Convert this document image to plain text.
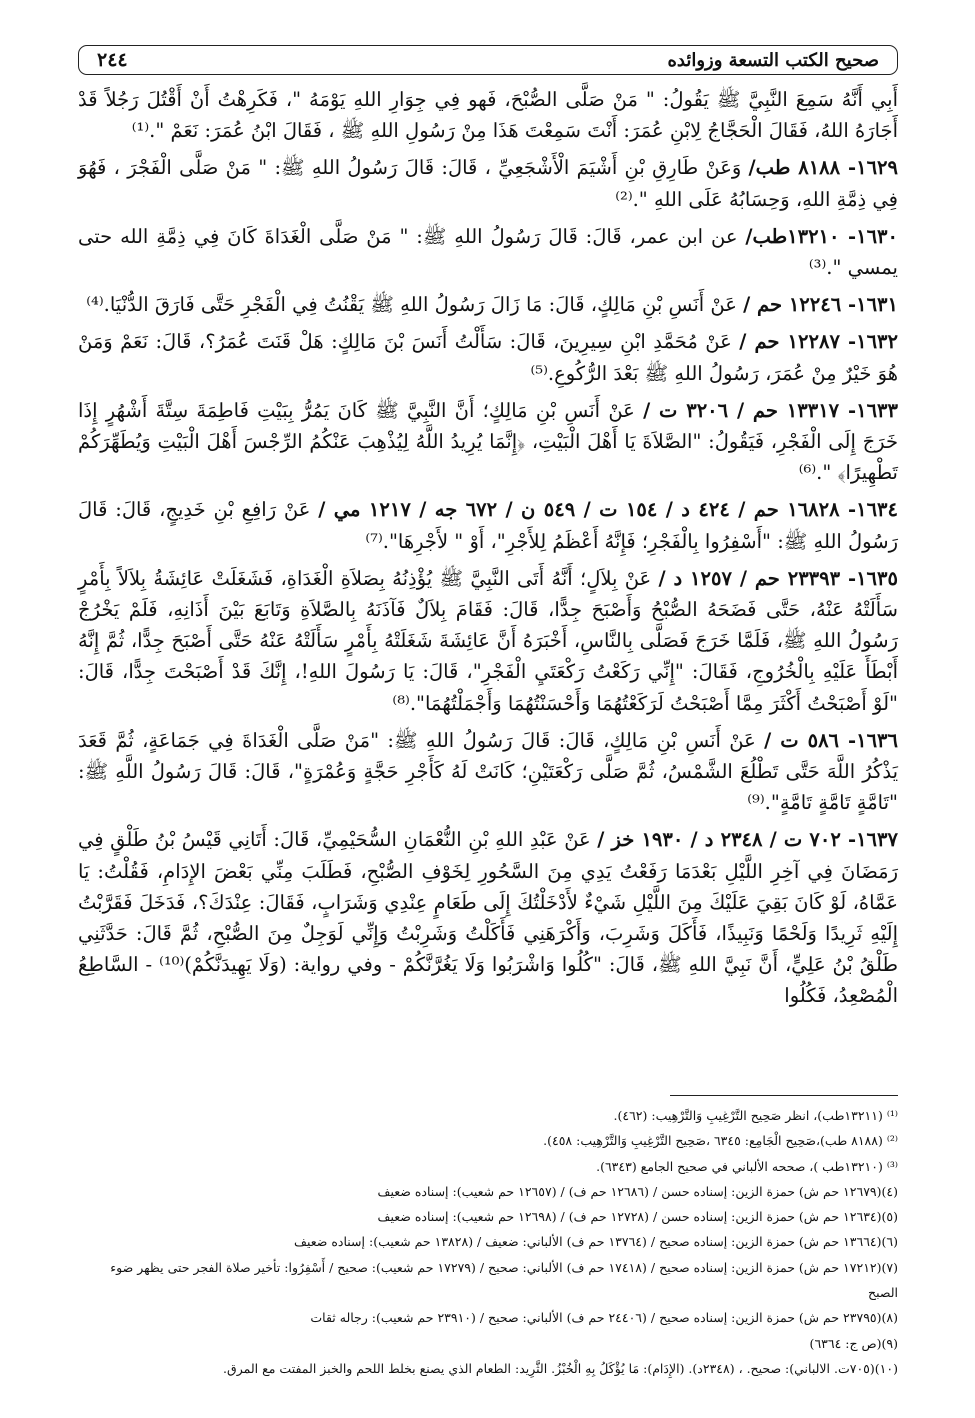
صحيح الكتب التسعة وزوائده
٢٤٤

أَبِي أَنَّهُ سَمِعَ النَّبِيَّ ﷺ يَقُولُ: " مَنْ صَلَّى الصُّبْحَ، فَهو فِي جِوَارِ اللهِ يَوْمَهُ "، فَكَرِهْتُ أَنْ أَقْتُلَ رَجُلاً قَدْ أَجَارَهُ اللهُ، فَقَالَ الْحَجَّاجُ لِابْنِ عُمَرَ: أَنْتَ سَمِعْتَ هَذَا مِنْ رَسُولِ اللهِ ﷺ ، فَقَالَ ابْنُ عُمَرَ: نَعَمْ ".⁽¹⁾

١٦٢٩- ٨١٨٨ طب/ وَعَنْ طَارِقِ بْنِ أَشْيَمَ الْأَشْجَعِيِّ ، قَالَ: قَالَ رَسُولُ اللهِ ﷺ: " مَنْ صَلَّى الْفَجْرَ ، فَهُوَ فِي ذِمَّةِ اللهِ، وَحِسَابُهُ عَلَى اللهِ ".⁽²⁾

١٦٣٠- ١٣٢١٠طب/ عن ابن عمر، قَالَ: قَالَ رَسُولُ اللهِ ﷺ: " مَنْ صَلَّى الْغَدَاةَ كَانَ فِي ذِمَّةِ الله حتى يمسي ".⁽³⁾

١٦٣١- ١٢٢٤٦ حم / عَنْ أَنَسِ بْنِ مَالِكٍ، قَالَ: مَا زَالَ رَسُولُ اللهِ ﷺ يَقْنُتُ فِي الْفَجْرِ حَتَّى فَارَقَ الدُّنْيَا.⁽⁴⁾

١٦٣٢- ١٢٢٨٧ حم / عَنْ مُحَمَّدِ ابْنِ سِيرِينَ، قَالَ: سَأَلْتُ أَنَسَ بْنَ مَالِكٍ: هَلْ قَنَتَ عُمَرُ؟، قَالَ: نَعَمْ وَمَنْ هُوَ خَيْرٌ مِنْ عُمَرَ، رَسُولُ اللهِ ﷺ بَعْدَ الرُّكُوعِ.⁽⁵⁾

١٦٣٣- ١٣٣١٧ حم / ٣٢٠٦ ت / عَنْ أَنَسِ بْنِ مَالِكٍ؛ أَنَّ النَّبِيَّ ﷺ كَانَ يَمُرُّ بِبَيْتِ فَاطِمَةَ سِتَّةَ أَشْهُرٍ إِذَا خَرَجَ إِلَى الْفَجْرِ، فَيَقُولُ: "الصَّلاَةَ يَا أَهْلَ الْبَيْتِ، ﴿إِنَّمَا يُرِيدُ اللَّهُ لِيُذْهِبَ عَنْكُمُ الرِّجْسَ أَهْلَ الْبَيْتِ وَيُطَهِّرَكُمْ تَطْهِيرًا﴾ ".⁽⁶⁾

١٦٣٤- ١٦٨٢٨ حم / ٤٢٤ د / ١٥٤ ت / ٥٤٩ ن / ٦٧٢ جه / ١٢١٧ مي / عَنْ رَافِعِ بْنِ خَدِيجٍ، قَالَ: قَالَ رَسُولُ اللهِ ﷺ: "أَسْفِرُوا بِالْفَجْرِ؛ فَإِنَّهُ أَعْظَمُ لِلأَجْرِ"، أَوْ " لأَجْرِهَا".⁽⁷⁾

١٦٣٥- ٢٣٣٩٣ حم / ١٢٥٧ د / عَنْ بِلاَلٍ؛ أَنَّهُ أَتَى النَّبِيَّ ﷺ يُؤْذِنُهُ بِصَلاَةِ الْغَدَاةِ، فَشَغَلَتْ عَائِشَةُ بِلاَلاً بِأَمْرٍ سَأَلَتْهُ عَنْهُ، حَتَّى فَضَحَهُ الصُّبْحُ وَأَصْبَحَ جِدًّا، قَالَ: فَقَامَ بِلاَلٌ فَآذَنَهُ بِالصَّلاَةِ وَتَابَعَ بَيْنَ أَذَانِهِ، فَلَمْ يَخْرُجْ رَسُولُ اللهِ ﷺ، فَلَمَّا خَرَجَ فَصَلَّى بِالنَّاسِ، أَخْبَرَهُ أَنَّ عَائِشَةَ شَغَلَتْهُ بِأَمْرٍ سَأَلَتْهُ عَنْهُ حَتَّى أَصْبَحَ جِدًّا، ثُمَّ إِنَّهُ أَبْطَأَ عَلَيْهِ بِالْخُرُوجِ، فَقَالَ: "إِنِّي رَكَعْتُ رَكْعَتَيِ الْفَجْرِ"، قَالَ: يَا رَسُولَ اللهِ!، إِنَّكَ قَدْ أَصْبَحْتَ جِدًّا، قَالَ: "لَوْ أَصْبَحْتُ أَكْثَرَ مِمَّا أَصْبَحْتُ لَرَكَعْتُهُمَا وَأَحْسَنْتُهُمَا وَأَجْمَلْتُهُمَا".⁽⁸⁾

١٦٣٦- ٥٨٦ ت / عَنْ أَنَسِ بْنِ مَالِكٍ، قَالَ: قَالَ رَسُولُ اللهِ ﷺ: "مَنْ صَلَّى الْغَدَاةَ فِي جَمَاعَةٍ، ثُمَّ قَعَدَ يَذْكُرُ اللَّهَ حَتَّى تَطْلُعَ الشَّمْسُ، ثُمَّ صَلَّى رَكْعَتَيْنِ؛ كَانَتْ لَهُ كَأَجْرِ حَجَّةٍ وَعُمْرَةٍ"، قَالَ: قَالَ رَسُولُ اللَّهِ ﷺ: "تَامَّةٍ تَامَّةٍ تَامَّةٍ".⁽⁹⁾

١٦٣٧- ٧٠٢ ت / ٢٣٤٨ د / ١٩٣٠ خز / عَنْ عَبْدِ اللهِ بْنِ النُّعْمَانِ السُّحَيْمِيِّ، قَالَ: أَتَانِي قَيْسُ بْنُ طَلْقٍ فِي رَمَضَانَ فِي آخِرِ اللَّيْلِ بَعْدَمَا رَفَعْتُ يَدِي مِنَ السَّحُورِ لِخَوْفِ الصُّبْحِ، فَطَلَبَ مِنِّي بَعْضَ الإِدَامِ، فَقُلْتُ: يَا عَمَّاهُ، لَوْ كَانَ بَقِيَ عَلَيْكَ مِنَ اللَّيْلِ شَيْءٌ لأَدْخَلْتُكَ إِلَى طَعَامٍ عِنْدِي وَشَرَابٍ، فَقَالَ: عِنْدَكَ؟، فَدَخَلَ فَقَرَّبْتُ إِلَيْهِ ثَرِيدًا وَلَحْمًا وَنَبِيذًا، فَأَكَلَ وَشَرِبَ، وَأَكْرَهَنِي فَأَكَلْتُ وَشَرِبْتُ وَإِنِّي لَوَجِلٌ مِنَ الصُّبْحِ، ثُمَّ قَالَ: حَدَّثَنِي طَلْقُ بْنُ عَلِيٍّ، أَنَّ نَبِيَّ اللهِ ﷺ، قَالَ: "كُلُوا وَاشْرَبُوا وَلَا يَغُرَّنَّكُمْ - وفي رواية: (وَلَا يَهِيدَنَّكُمْ)⁽¹⁰⁾ - السَّاطِعُ الْمُصْعِدُ، فَكُلُوا

⁽¹⁾ (١٣٢١١طب)، انظر صَحِيح التَّرْغِيبِ وَالتَّرْهِيب: (٤٦٢).

⁽²⁾ (٨١٨٨ طب)،صَحِيح الْجَامِع: ٦٣٤٥ ،صَحِيح التَّرْغِيبِ وَالتَّرْهِيب: ٤٥٨).

⁽³⁾ (١٣٢١٠طب )، صححه الألباني في صحيح الجامع (٦٣٤٣).

(٤)(١٢٦٧٩ حم ش) حمزة الزين: إسناده حسن / (١٢٦٨٦ حم ف) / (١٢٦٥٧ حم شعيب): إسناده ضعيف

(٥)(١٢٦٣٤ حم ش) حمزة الزين: إسناده حسن / (١٢٧٢٨ حم ف) / (١٢٦٩٨ حم شعيب): إسناده ضعيف

(٦)(١٣٦٦٤ حم ش) حمزة الزين: إسناده صحيح / (١٣٧٦٤ حم ف) الألباني: ضعيف / (١٣٨٢٨ حم شعيب): إسناده ضعيف

(٧)(١٧٢١٢ حم ش) حمزة الزين: إسناده صحيح / (١٧٤١٨ حم ف) الألباني: صحيح / (١٧٢٧٩ حم شعيب): صحيح / أَسْفِرُوا: تأخير صلاة الفجر حتى يظهر ضوء الصبح

(٨)(٢٣٧٩٥ حم ش) حمزة الزين: إسناده صحيح / (٢٤٤٠٦ حم ف) الألباني: صحيح / (٢٣٩١٠ حم شعيب): رجاله ثقات

(٩)(ص ج: ٦٣٦٤)

(١٠)(٧٠٥ت. الالباني): صحيح. ، (٢٣٤٨د). (الإِدَام): مَا يُؤْكَلُ بِهِ الْخُبْزُ. الثَّرِيد: الطعام الذي يصنع بخلط اللحم والخبز المفتت مع المرق.
